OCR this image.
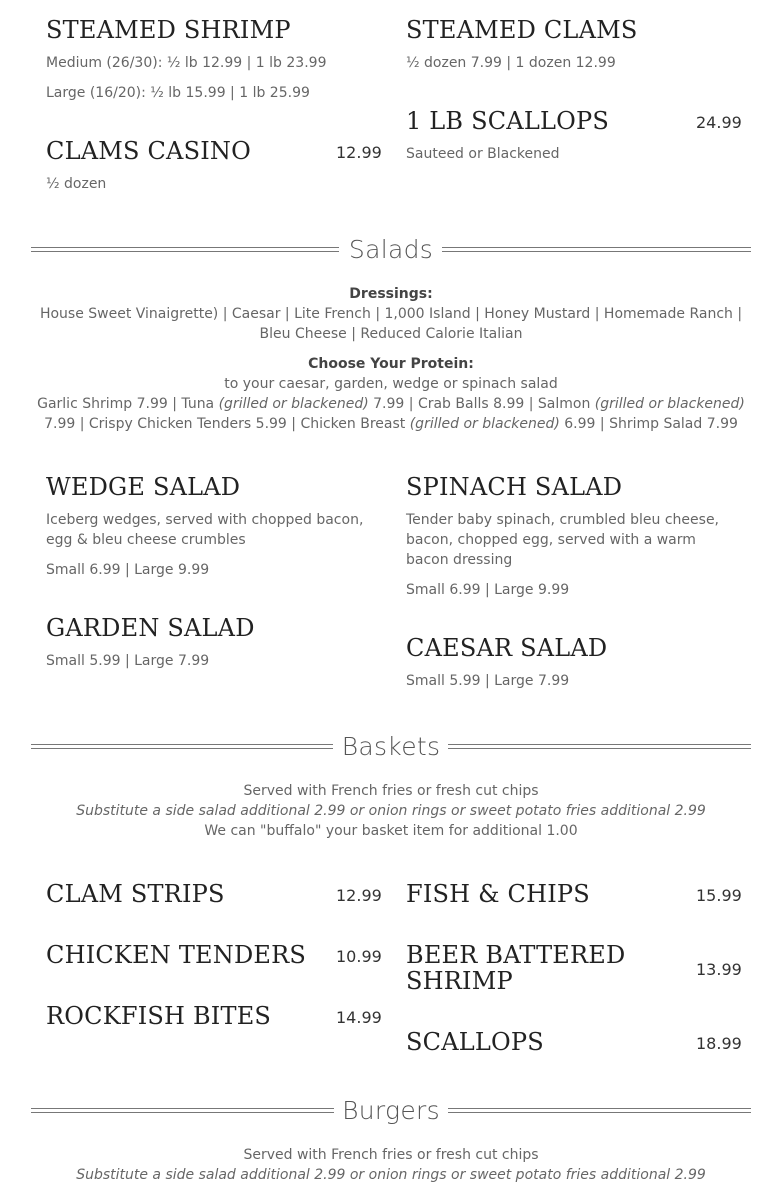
STEAMED SHRIMP
Medium (26/30): ½ lb 12.99 | 1 lb 23.99
Large (16/20): ½ lb 15.99 | 1 lb 25.99
STEAMED CLAMS
½ dozen 7.99 | 1 dozen 12.99
CLAMS CASINO	12.99
½ dozen
1 LB SCALLOPS	24.99
Sauteed or Blackened
Salads
Dressings:
House Sweet Vinaigrette) | Caesar | Lite French | 1,000 Island | Honey Mustard | Homemade Ranch | Bleu Cheese | Reduced Calorie Italian
Choose Your Protein:
to your caesar, garden, wedge or spinach salad
Garlic Shrimp 7.99 | Tuna (grilled or blackened) 7.99 | Crab Balls 8.99 | Salmon (grilled or blackened) 7.99 | Crispy Chicken Tenders 5.99 | Chicken Breast (grilled or blackened) 6.99 | Shrimp Salad 7.99
WEDGE SALAD
Iceberg wedges, served with chopped bacon, egg & bleu cheese crumbles
Small 6.99 | Large 9.99
SPINACH SALAD
Tender baby spinach, crumbled bleu cheese, bacon, chopped egg, served with a warm bacon dressing
Small 6.99 | Large 9.99
GARDEN SALAD
Small 5.99 | Large 7.99	CAESAR SALAD
Small 5.99 | Large 7.99
Baskets
Served with French fries or fresh cut chips
Substitute a side salad additional 2.99 or onion rings or sweet potato fries additional 2.99
We can "buffalo" your basket item for additional 1.00
CLAM STRIPS	12.99
CHICKEN TENDERS 10.99
ROCKFISH BITES	14.99
FISH & CHIPS	15.99
BEER BATTERED
SHRIMP	13.99
SCALLOPS	18.99
Burgers
Served with French fries or fresh cut chips
Substitute a side salad additional 2.99 or onion rings or sweet potato fries additional 2.99
